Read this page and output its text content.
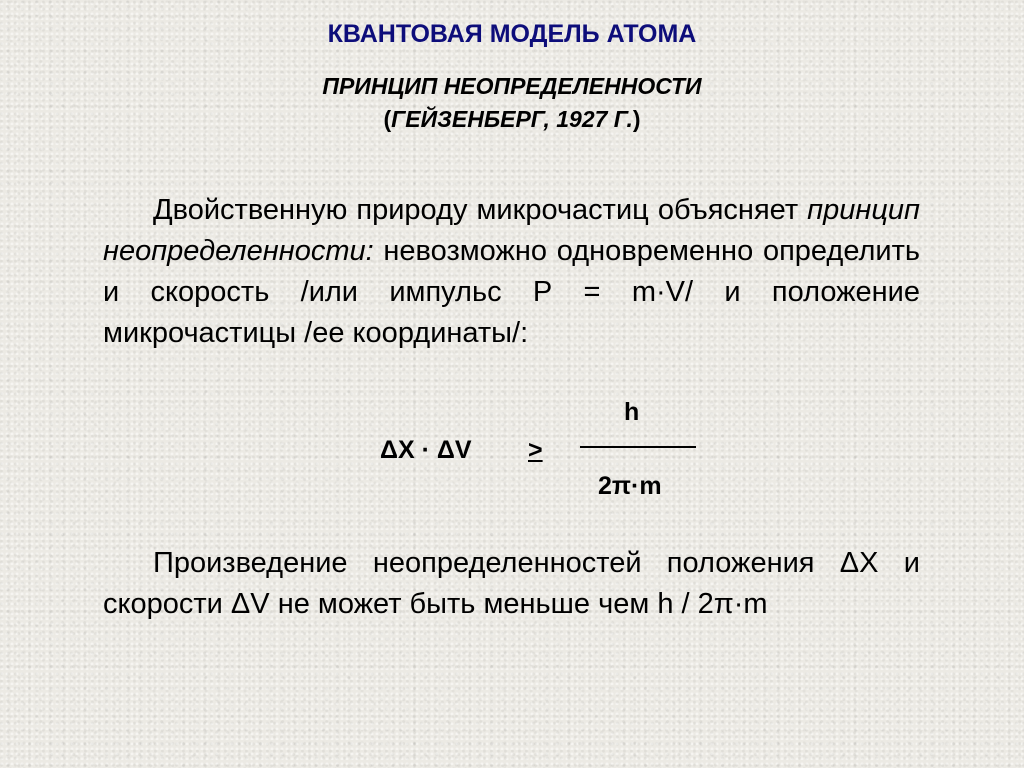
КВАНТОВАЯ МОДЕЛЬ АТОМА
ПРИНЦИП НЕОПРЕДЕЛЕННОСТИ
(ГЕЙЗЕНБЕРГ, 1927 Г.)

Двойственную природу микрочастиц объясняет принцип неопределенности: невозможно одновременно определить и скорость /или импульс Р = m·V/ и положение микрочастицы /ее координаты/:

h
ΔХ · ΔV >
2π·m

Произведение неопределенностей положения ΔХ и скорости ΔV не может быть меньше чем h / 2π·m
